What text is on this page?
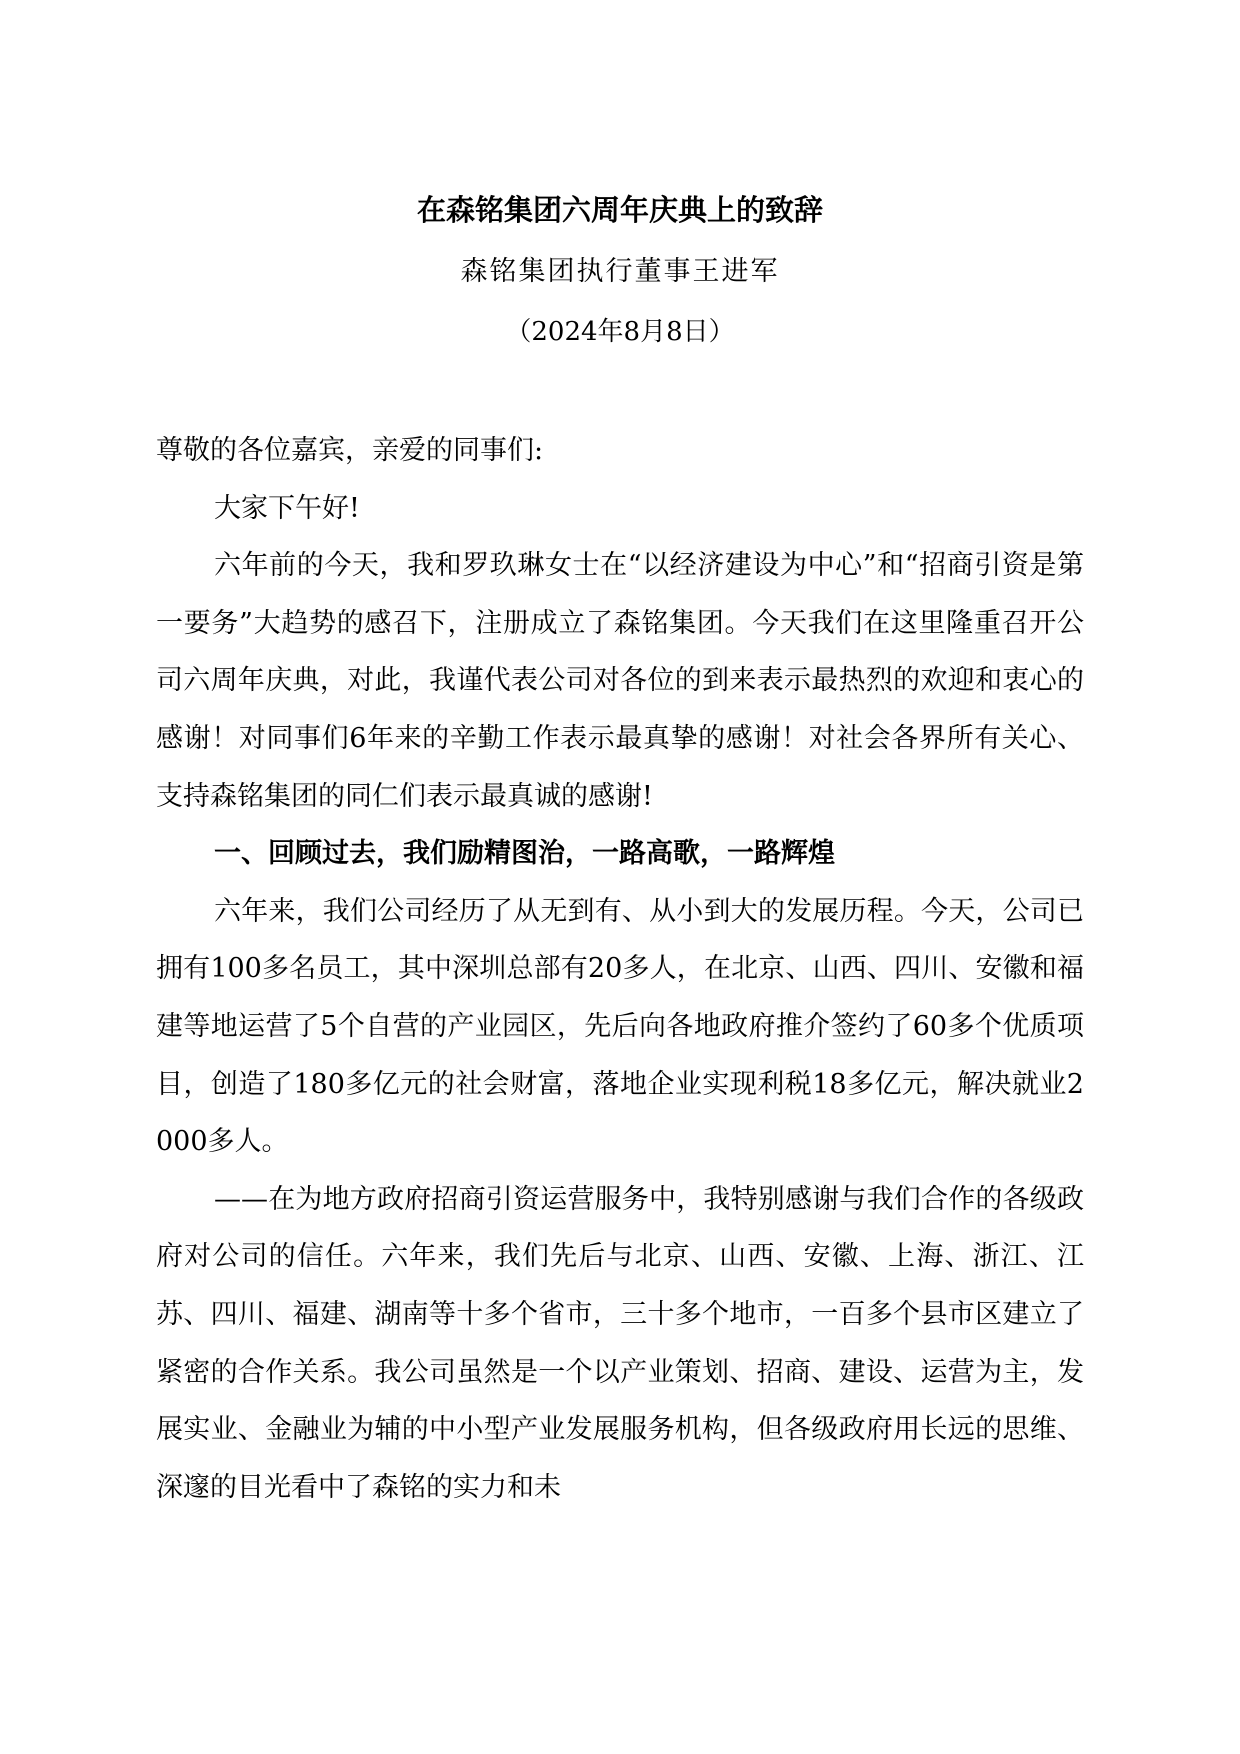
在森铭集团六周年庆典上的致辞

森铭集团执行董事王进军

（2024年8月8日）

尊敬的各位嘉宾，亲爱的同事们:

大家下午好!

六年前的今天，我和罗玖琳女士在“以经济建设为中心”和“招商引资是第一要务”大趋势的感召下，注册成立了森铭集团。今天我们在这里隆重召开公司六周年庆典，对此，我谨代表公司对各位的到来表示最热烈的欢迎和衷心的感谢！对同事们6年来的辛勤工作表示最真挚的感谢！对社会各界所有关心、支持森铭集团的同仁们表示最真诚的感谢!

一、回顾过去，我们励精图治，一路高歌，一路辉煌

六年来，我们公司经历了从无到有、从小到大的发展历程。今天，公司已拥有100多名员工，其中深圳总部有20多人，在北京、山西、四川、安徽和福建等地运营了5个自营的产业园区，先后向各地政府推介签约了60多个优质项目，创造了180多亿元的社会财富，落地企业实现利税18多亿元，解决就业2000多人。

——在为地方政府招商引资运营服务中，我特别感谢与我们合作的各级政府对公司的信任。六年来，我们先后与北京、山西、安徽、上海、浙江、江苏、四川、福建、湖南等十多个省市，三十多个地市，一百多个县市区建立了紧密的合作关系。我公司虽然是一个以产业策划、招商、建设、运营为主，发展实业、金融业为辅的中小型产业发展服务机构，但各级政府用长远的思维、深邃的目光看中了森铭的实力和未
